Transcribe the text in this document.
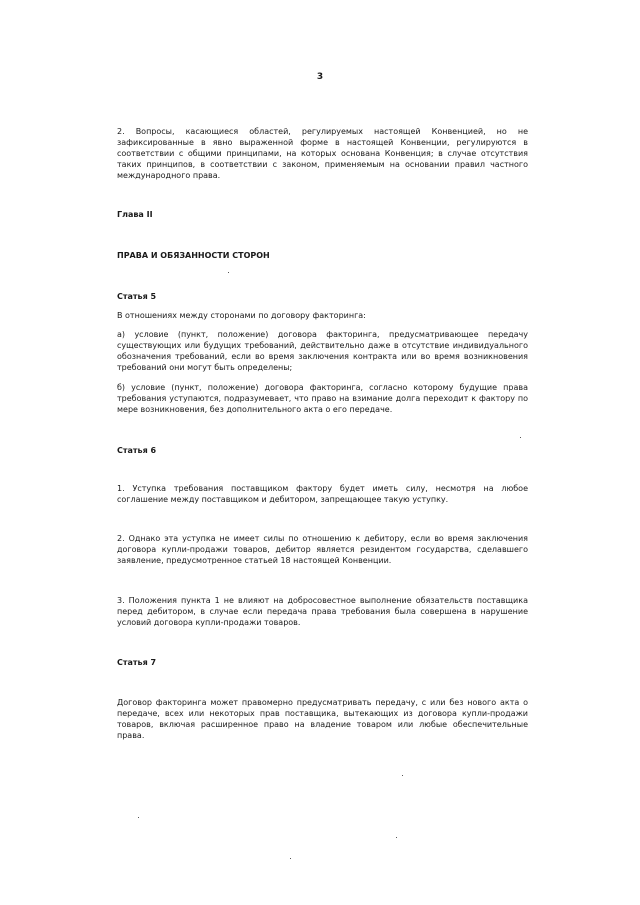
3

2. Вопросы, касающиеся областей, регулируемых настоящей Конвенцией, но не зафиксированные в явно выраженной форме в настоящей Конвенции, регулируются в соответствии с общими принципами, на которых основана Конвенция; в случае отсутствия таких принципов, в соответствии с законом, применяемым на основании правил частного международного права.

Глава II

ПРАВА И ОБЯЗАННОСТИ СТОРОН

Статья 5

В отношениях между сторонами по договору факторинга:

а) условие (пункт, положение) договора факторинга, предусматривающее передачу существующих или будущих требований, действительно даже в отсутствие индивидуального обозначения требований, если во время заключения контракта или во время возникновения требований они могут быть определены;

б) условие (пункт, положение) договора факторинга, согласно которому будущие права требования уступаются, подразумевает, что право на взимание долга переходит к фактору по мере возникновения, без дополнительного акта о его передаче.

Статья 6

1. Уступка требования поставщиком фактору будет иметь силу, несмотря на любое соглашение между поставщиком и дебитором, запрещающее такую уступку.

2. Однако эта уступка не имеет силы по отношению к дебитору, если во время заключения договора купли-продажи товаров, дебитор является резидентом государства, сделавшего заявление, предусмотренное статьей 18 настоящей Конвенции.

3. Положения пункта 1 не влияют на добросовестное выполнение обязательств поставщика перед дебитором, в случае если передача права требования была совершена в нарушение условий договора купли-продажи товаров.

Статья 7

Договор факторинга может правомерно предусматривать передачу, с или без нового акта о передаче, всех или некоторых прав поставщика, вытекающих из договора купли-продажи товаров, включая расширенное право на владение товаром или любые обеспечительные права.
